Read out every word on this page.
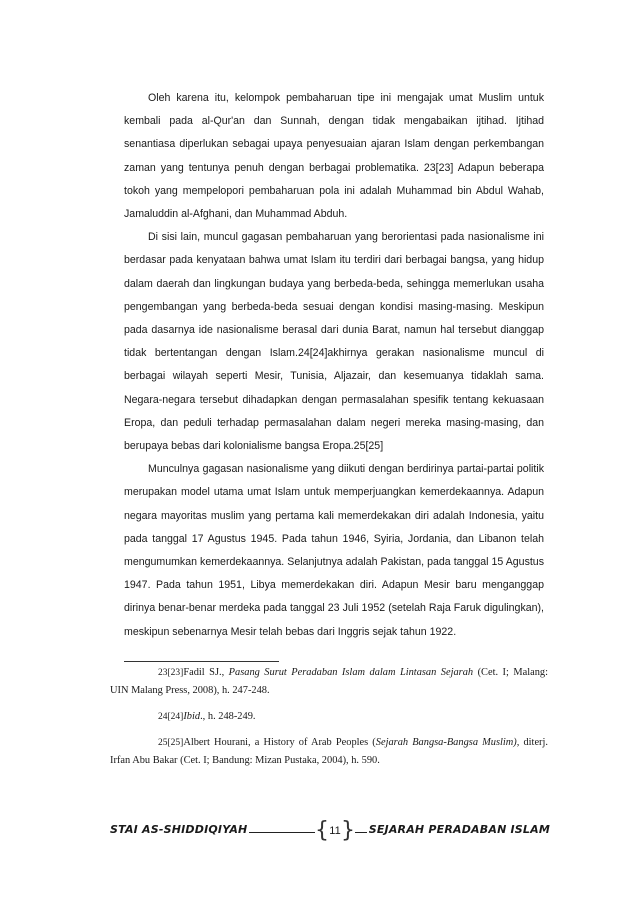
Oleh karena itu, kelompok pembaharuan tipe ini mengajak umat Muslim untuk kembali pada al-Qur'an dan Sunnah, dengan tidak mengabaikan ijtihad. Ijtihad senantiasa diperlukan sebagai upaya penyesuaian ajaran Islam dengan perkembangan zaman yang tentunya penuh dengan berbagai problematika. 23[23] Adapun beberapa tokoh yang mempelopori pembaharuan pola ini adalah Muhammad bin Abdul Wahab, Jamaluddin al-Afghani, dan Muhammad Abduh.

Di sisi lain, muncul gagasan pembaharuan yang berorientasi pada nasionalisme ini berdasar pada kenyataan bahwa umat Islam itu terdiri dari berbagai bangsa, yang hidup dalam daerah dan lingkungan budaya yang berbeda-beda, sehingga memerlukan usaha pengembangan yang berbeda-beda sesuai dengan kondisi masing-masing. Meskipun pada dasarnya ide nasionalisme berasal dari dunia Barat, namun hal tersebut dianggap tidak bertentangan dengan Islam.24[24]akhirnya gerakan nasionalisme muncul di berbagai wilayah seperti Mesir, Tunisia, Aljazair, dan kesemuanya tidaklah sama. Negara-negara tersebut dihadapkan dengan permasalahan spesifik tentang kekuasaan Eropa, dan peduli terhadap permasalahan dalam negeri mereka masing-masing, dan berupaya bebas dari kolonialisme bangsa Eropa.25[25]

Munculnya gagasan nasionalisme yang diikuti dengan berdirinya partai-partai politik merupakan model utama umat Islam untuk memperjuangkan kemerdekaannya. Adapun negara mayoritas muslim yang pertama kali memerdekakan diri adalah Indonesia, yaitu pada tanggal 17 Agustus 1945. Pada tahun 1946, Syiria, Jordania, dan Libanon telah mengumumkan kemerdekaannya. Selanjutnya adalah Pakistan, pada tanggal 15 Agustus 1947. Pada tahun 1951, Libya memerdekakan diri. Adapun Mesir baru menganggap dirinya benar-benar merdeka pada tanggal 23 Juli 1952 (setelah Raja Faruk digulingkan), meskipun sebenarnya Mesir telah bebas dari Inggris sejak tahun 1922.

23[23]Fadil SJ., Pasang Surut Peradaban Islam dalam Lintasan Sejarah (Cet. I; Malang: UIN Malang Press, 2008), h. 247-248.

24[24]Ibid., h. 248-249.

25[25]Albert Hourani, a History of Arab Peoples (Sejarah Bangsa-Bangsa Muslim), diterj. Irfan Abu Bakar (Cet. I; Bandung: Mizan Pustaka, 2004), h. 590.

STAI AS-SHIDDIQIYAH	{ 11 } SEJARAH PERADABAN ISLAM
